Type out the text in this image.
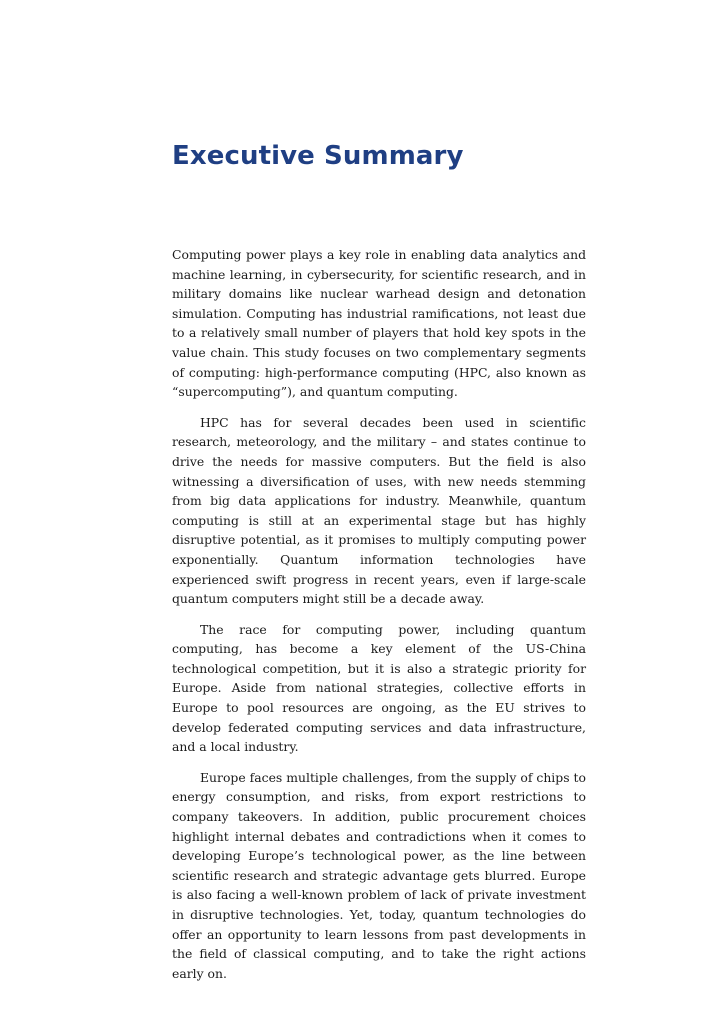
Executive Summary

Computing power plays a key role in enabling data analytics and machine learning, in cybersecurity, for scientific research, and in military domains like nuclear warhead design and detonation simulation. Computing has industrial ramifications, not least due to a relatively small number of players that hold key spots in the value chain. This study focuses on two complementary segments of computing: high-performance computing (HPC, also known as “supercomputing”), and quantum computing.

HPC has for several decades been used in scientific research, meteorology, and the military – and states continue to drive the needs for massive computers. But the field is also witnessing a diversification of uses, with new needs stemming from big data applications for industry. Meanwhile, quantum computing is still at an experimental stage but has highly disruptive potential, as it promises to multiply computing power exponentially. Quantum information technologies have experienced swift progress in recent years, even if large-scale quantum computers might still be a decade away.

The race for computing power, including quantum computing, has become a key element of the US-China technological competition, but it is also a strategic priority for Europe. Aside from national strategies, collective efforts in Europe to pool resources are ongoing, as the EU strives to develop federated computing services and data infrastructure, and a local industry.

Europe faces multiple challenges, from the supply of chips to energy consumption, and risks, from export restrictions to company takeovers. In addition, public procurement choices highlight internal debates and contradictions when it comes to developing Europe’s technological power, as the line between scientific research and strategic advantage gets blurred. Europe is also facing a well-known problem of lack of private investment in disruptive technologies. Yet, today, quantum technologies do offer an opportunity to learn lessons from past developments in the field of classical computing, and to take the right actions early on.
